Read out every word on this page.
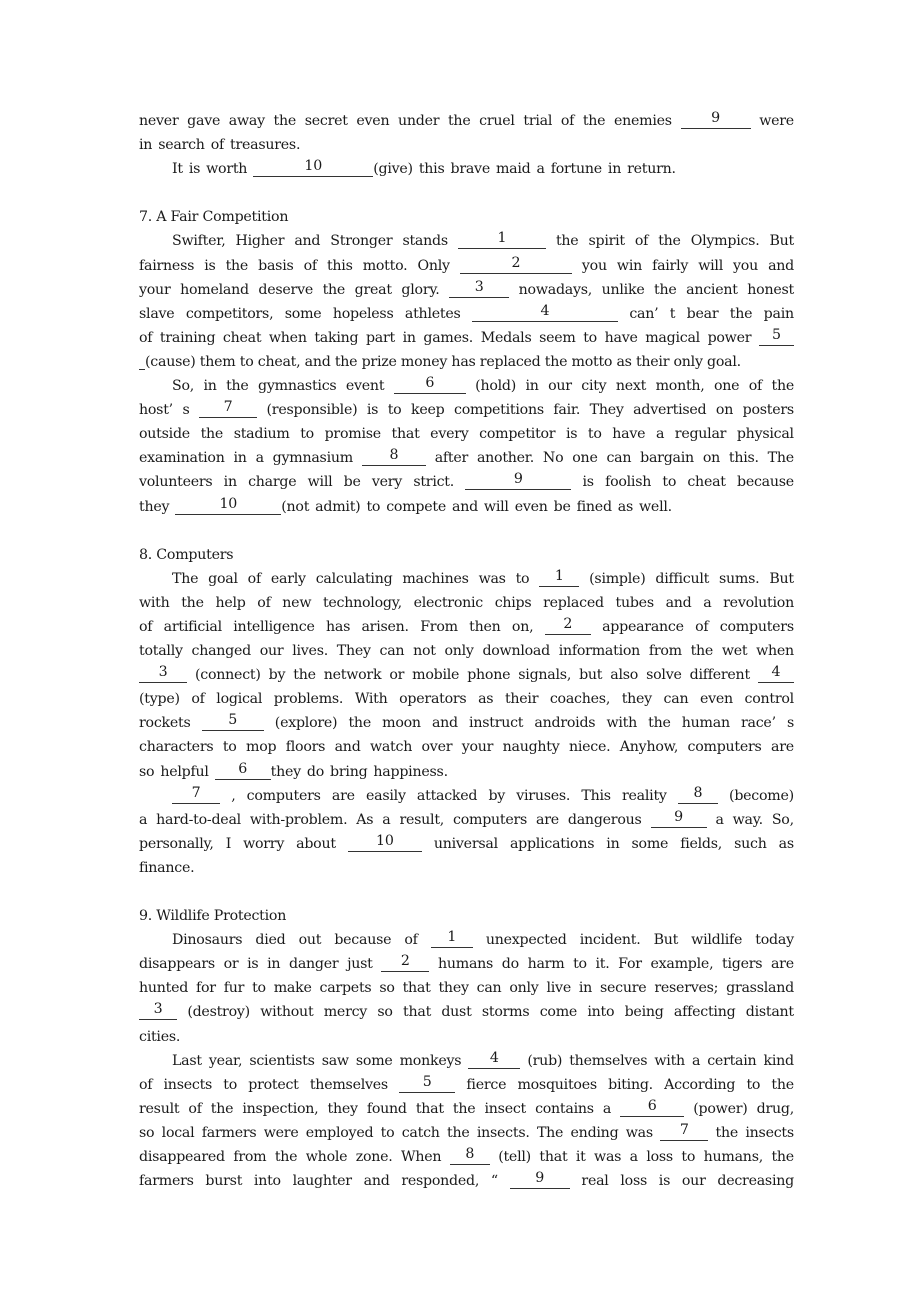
never gave away the secret even under the cruel trial of the enemies	9	were
in search of treasures.
It is worth	10	(give) this brave maid a fortune in return.
7. A Fair Competition
Swifter, Higher and Stronger stands	1	the spirit of the Olympics. But
fairness is the basis of this motto. Only	2	you win fairly will you and
your homeland deserve the great glory.	3	nowadays, unlike the ancient honest
slave competitors, some hopeless athletes	4	can’ t bear the pain
of training cheat when taking part in games. Medals seem to have magical power	5
(cause) them to cheat, and the prize money has replaced the motto as their only goal.
So, in the gymnastics event	6	(hold) in our city next month, one of the
host’ s	7	(responsible) is to keep competitions fair. They advertised on posters
outside the stadium to promise that every competitor is to have a regular physical
examination in a gymnasium	8	after another. No one can bargain on this. The
volunteers in charge will be very strict.	9	is foolish to cheat because
they	10	(not admit) to compete and will even be fined as well.
8. Computers
The goal of early calculating machines was to	1	(simple) difficult sums. But
with the help of new technology, electronic chips replaced tubes and a revolution
of artificial intelligence has arisen. From then on,	2	appearance of computers
totally changed our lives. They can not only download information from the wet when
3	(connect) by the network or mobile phone signals, but also solve different	4
(type) of logical problems. With operators as their coaches, they can even control
rockets	5	(explore) the moon and instruct androids with the human race’ s
characters to mop floors and watch over your naughty niece. Anyhow, computers are
so helpful	6	they do bring happiness.
7	, computers are easily attacked by viruses. This reality	8	(become)
a hard-to-deal with-problem. As a result, computers are dangerous	9	a way. So,
personally, I worry about	10	universal applications in some fields, such as
finance.
9. Wildlife Protection
Dinosaurs died out because of	1	unexpected incident. But wildlife today
disappears or is in danger just	2	humans do harm to it. For example, tigers are
hunted for fur to make carpets so that they can only live in secure reserves; grassland
3	(destroy) without mercy so that dust storms come into being affecting distant
cities.
Last year, scientists saw some monkeys	4	(rub) themselves with a certain kind
of insects to protect themselves	5	fierce mosquitoes biting. According to the
result of the inspection, they found that the insect contains a	6	(power) drug,
so local farmers were employed to catch the insects. The ending was	7	the insects
disappeared from the whole zone. When	8	(tell) that it was a loss to humans, the
farmers burst into laughter and responded, “	9	real loss is our decreasing
